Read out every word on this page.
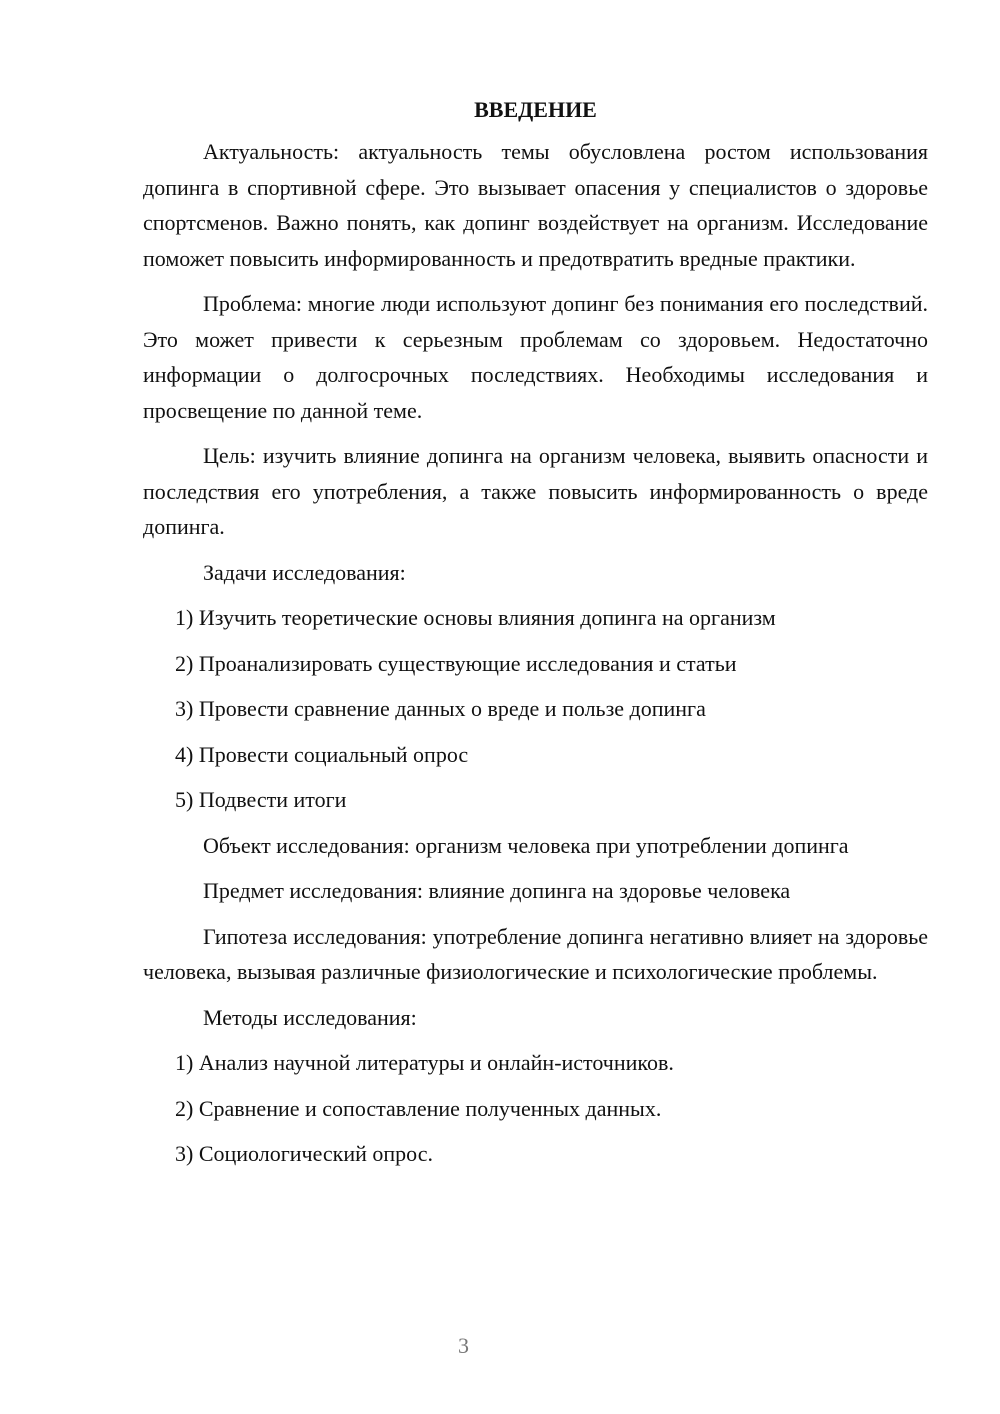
ВВЕДЕНИЕ

Актуальность: актуальность темы обусловлена ростом использования допинга в спортивной сфере. Это вызывает опасения у специалистов о здоровье спортсменов. Важно понять, как допинг воздействует на организм. Исследование поможет повысить информированность и предотвратить вредные практики.

Проблема: многие люди используют допинг без понимания его последствий. Это может привести к серьезным проблемам со здоровьем. Недостаточно информации о долгосрочных последствиях. Необходимы исследования и просвещение по данной теме.

Цель: изучить влияние допинга на организм человека, выявить опасности и последствия его употребления, а также повысить информированность о вреде допинга.

Задачи исследования:

1) Изучить теоретические основы влияния допинга на организм
2) Проанализировать существующие исследования и статьи
3) Провести сравнение данных о вреде и пользе допинга
4) Провести социальный опрос
5) Подвести итоги

Объект исследования: организм человека при употреблении допинга

Предмет исследования: влияние допинга на здоровье человека

Гипотеза исследования: употребление допинга негативно влияет на здоровье человека, вызывая различные физиологические и психологические проблемы.

Методы исследования:

1) Анализ научной литературы и онлайн-источников.
2) Сравнение и сопоставление полученных данных.
3) Социологический опрос.
3
